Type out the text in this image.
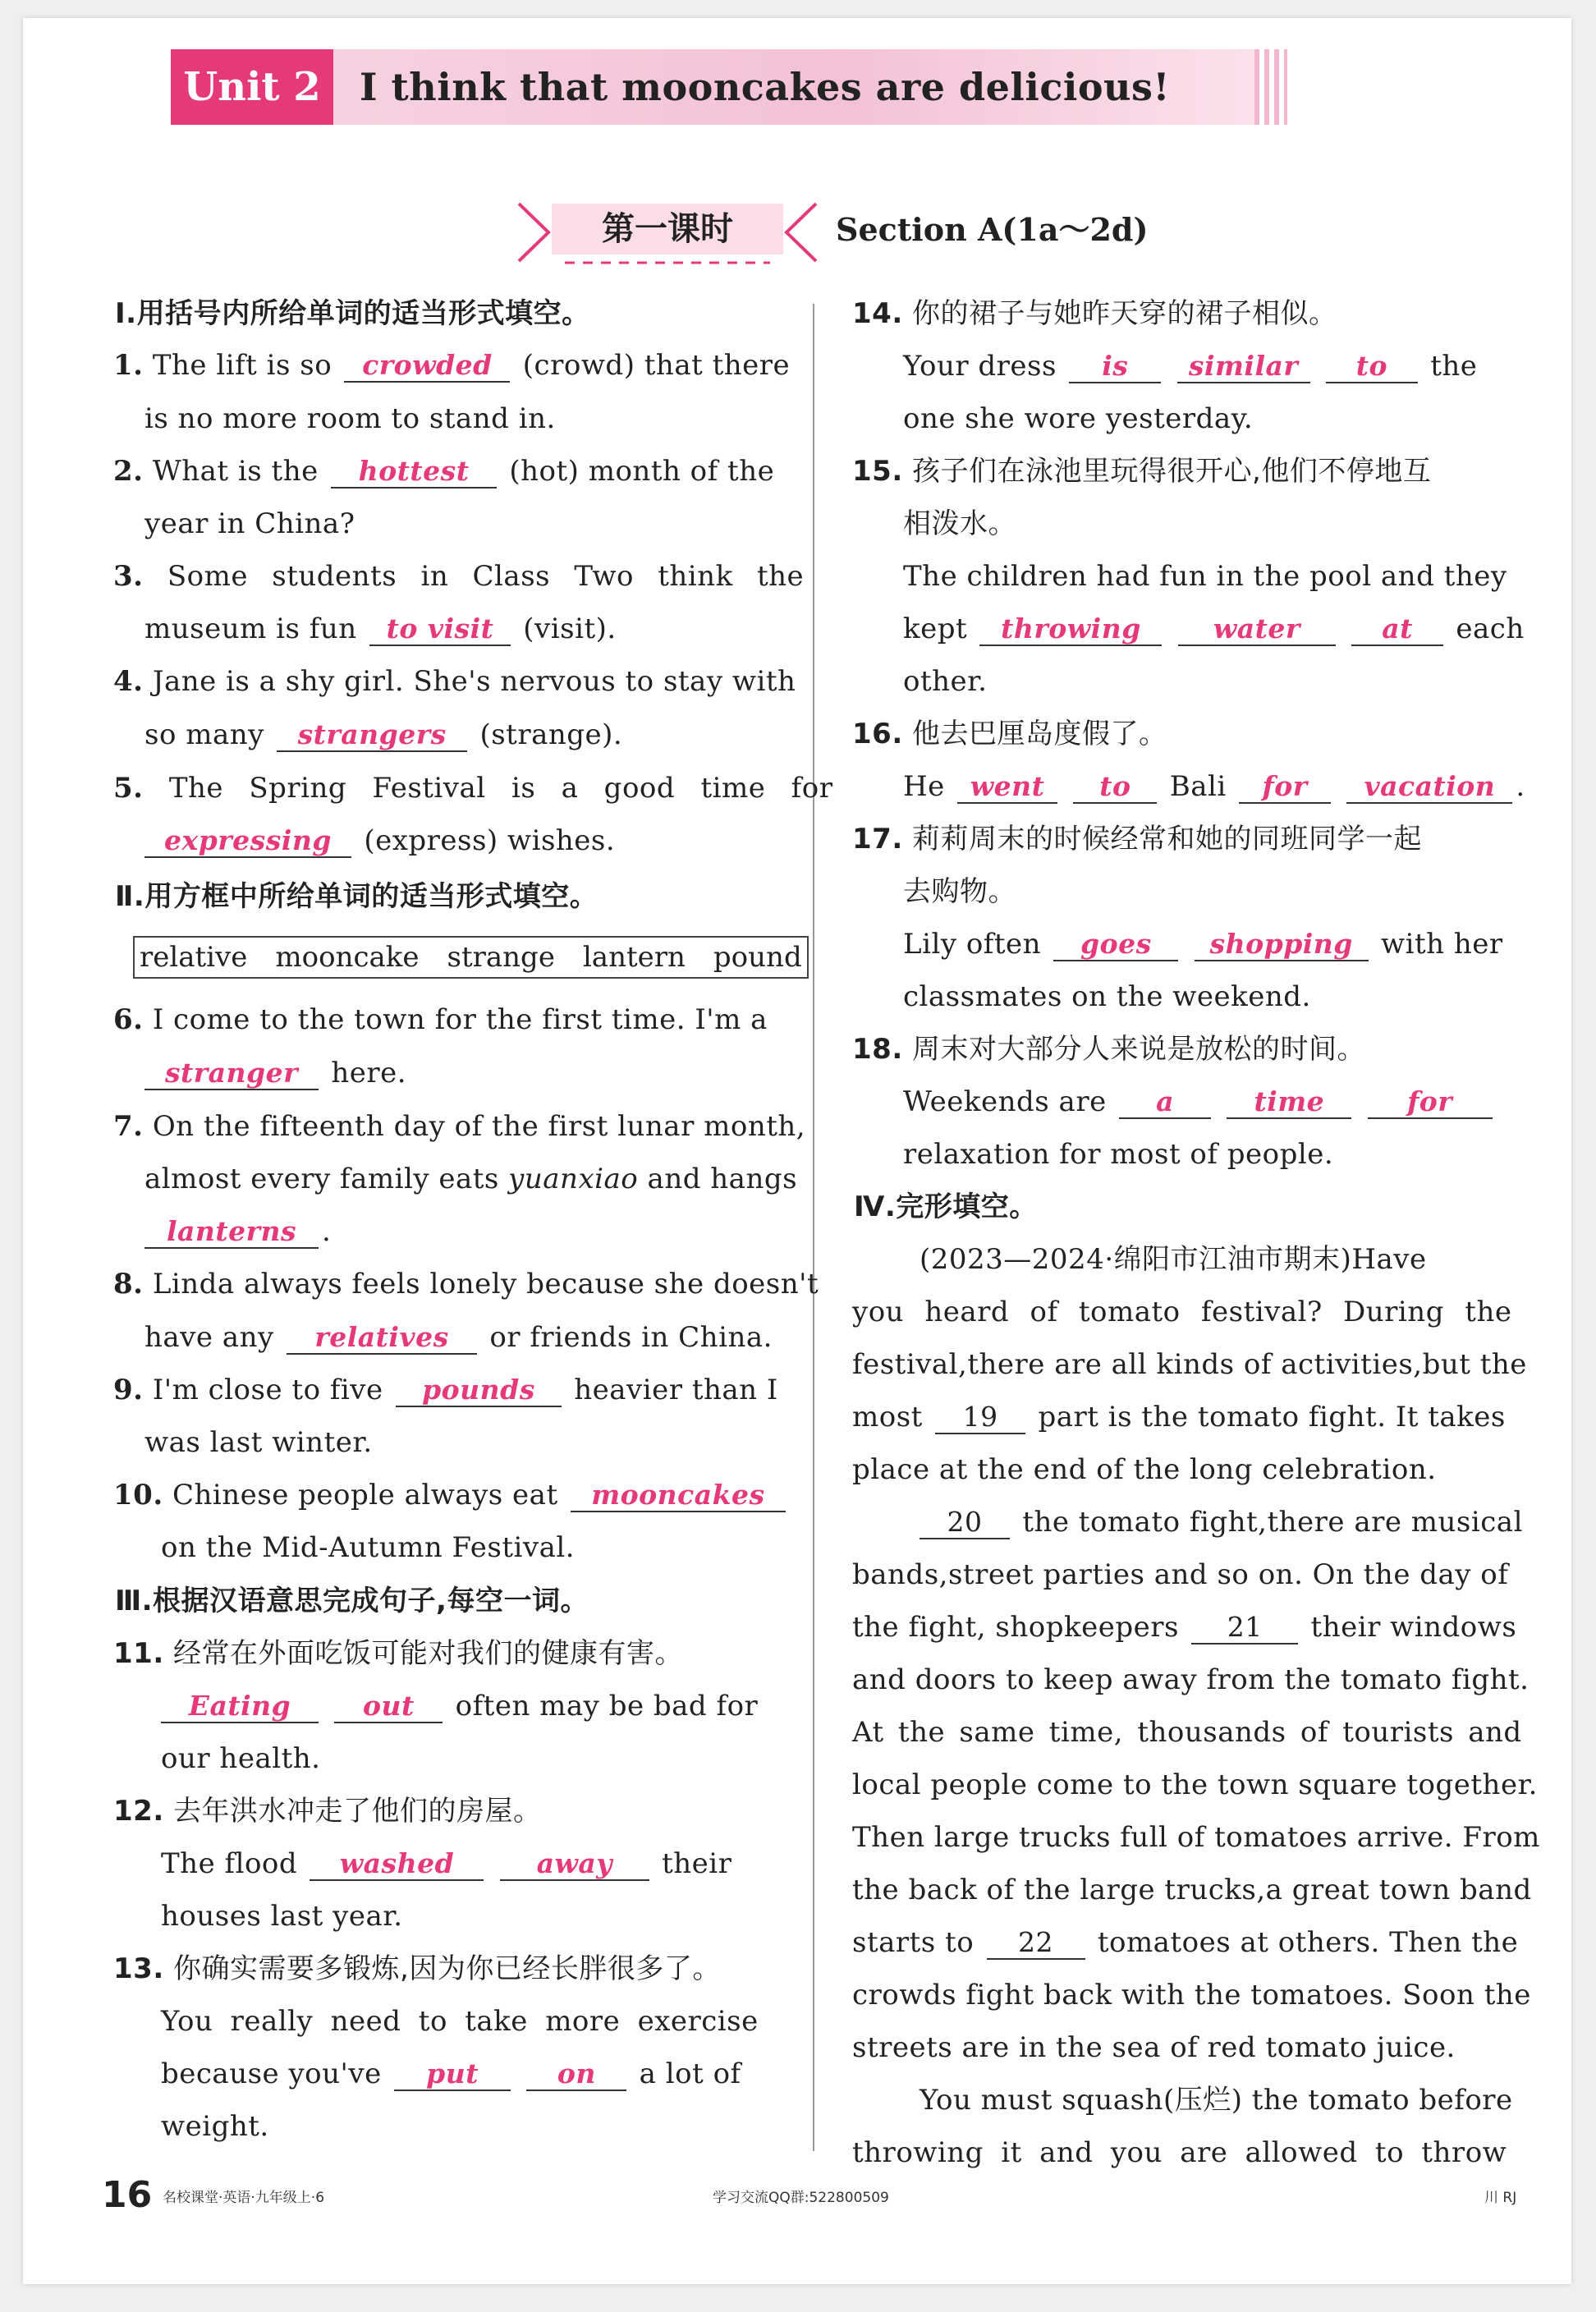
Unit 2	I think that mooncakes are delicious!
第一课时	Section A(1a～2d)
Ⅰ.用括号内所给单词的适当形式填空。
1. The lift is so crowded (crowd) that there
is no more room to stand in.
2. What is the hottest (hot) month of the
year in China?
3. Some students in Class Two think the
museum is fun to visit (visit).
4. Jane is a shy girl. She's nervous to stay with
so many strangers (strange).
5. The Spring Festival is a good time for
expressing (express) wishes.
Ⅱ.用方框中所给单词的适当形式填空。
relative mooncake strange lantern pound
6. I come to the town for the first time. I'm a
stranger here.
7. On the fifteenth day of the first lunar month,
almost every family eats yuanxiao and hangs
lanterns .
8. Linda always feels lonely because she doesn't
have any relatives or friends in China.
9. I'm close to five pounds heavier than I
was last winter.
10. Chinese people always eat mooncakes
on the Mid-Autumn Festival.
Ⅲ.根据汉语意思完成句子,每空一词。
11. 经常在外面吃饭可能对我们的健康有害。
Eating	out often may be bad for
our health.
12. 去年洪水冲走了他们的房屋。
The flood washed	away their
houses last year.
13. 你确实需要多锻炼,因为你已经长胖很多了。
You really need to take more exercise
because you've put	on a lot of
weight.
14. 你的裙子与她昨天穿的裙子相似。
Your dress is similar to the
one she wore yesterday.
15. 孩子们在泳池里玩得很开心,他们不停地互
相泼水。
The children had fun in the pool and they
kept throwing	water	at each
other.
16. 他去巴厘岛度假了。
He went to Bali for vacation .
17. 莉莉周末的时候经常和她的同班同学一起
去购物。
Lily often goes shopping with her
classmates on the weekend.
18. 周末对大部分人来说是放松的时间。
Weekends are a	time	for
relaxation for most of people.
Ⅳ.完形填空。
(2023—2024·绵阳市江油市期末)Have
you heard of tomato festival? During the
festival,there are all kinds of activities,but the
most 19 part is the tomato fight. It takes
place at the end of the long celebration.
20 the tomato fight,there are musical
bands,street parties and so on. On the day of
the fight, shopkeepers 21 their windows
and doors to keep away from the tomato fight.
At the same time, thousands of tourists and
local people come to the town square together.
Then large trucks full of tomatoes arrive. From
the back of the large trucks,a great town band
starts to 22 tomatoes at others. Then the
crowds fight back with the tomatoes. Soon the
streets are in the sea of red tomato juice.
You must squash(压烂) the tomato before
throwing it and you are allowed to throw
16 名校课堂·英语·九年级上·6	学习交流QQ群:522800509	川 RJ
